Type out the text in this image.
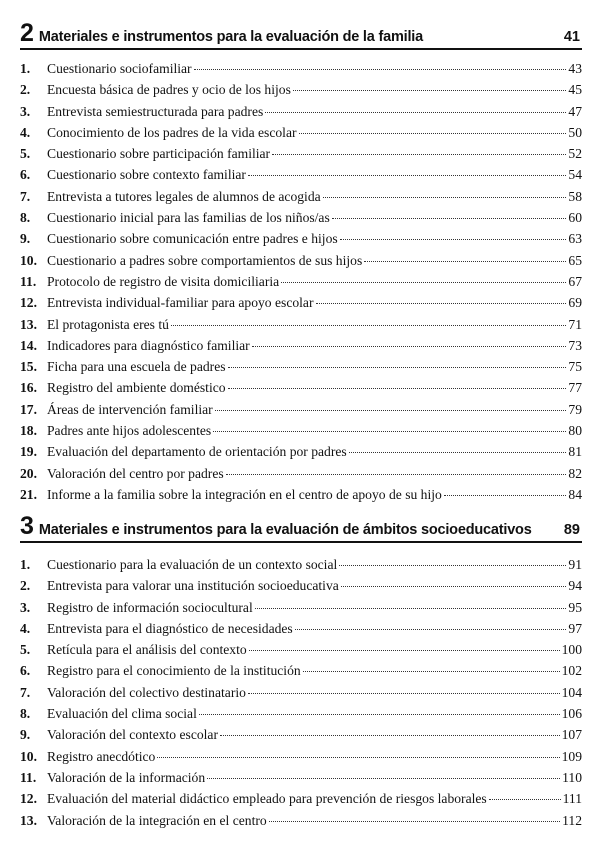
2 Materiales e instrumentos para la evaluación de la familia	41
1.	Cuestionario sociofamiliar	43
2.	Encuesta básica de padres y ocio de los hijos	45
3.	Entrevista semiestructurada para padres	47
4.	Conocimiento de los padres de la vida escolar	50
5.	Cuestionario sobre participación familiar	52
6.	Cuestionario sobre contexto familiar	54
7.	Entrevista a tutores legales de alumnos de acogida	58
8.	Cuestionario inicial para las familias de los niños/as	60
9.	Cuestionario sobre comunicación entre padres e hijos	63
10. Cuestionario a padres sobre comportamientos de sus hijos	65
11. Protocolo de registro de visita domiciliaria	67
12. Entrevista individual-familiar para apoyo escolar	69
13. El protagonista eres tú	71
14. Indicadores para diagnóstico familiar	73
15. Ficha para una escuela de padres	75
16. Registro del ambiente doméstico	77
17. Áreas de intervención familiar	79
18. Padres ante hijos adolescentes	80
19. Evaluación del departamento de orientación por padres	81
20. Valoración del centro por padres	82
21. Informe a la familia sobre la integración en el centro de apoyo de su hijo	84
3 Materiales e instrumentos para la evaluación de ámbitos socioeducativos	89
1.	Cuestionario para la evaluación de un contexto social	91
2.	Entrevista para valorar una institución socioeducativa	94
3.	Registro de información sociocultural	95
4.	Entrevista para el diagnóstico de necesidades	97
5.	Retícula para el análisis del contexto	100
6.	Registro para el conocimiento de la institución	102
7.	Valoración del colectivo destinatario	104
8.	Evaluación del clima social	106
9.	Valoración del contexto escolar	107
10. Registro anecdótico	109
11. Valoración de la información	110
12. Evaluación del material didáctico empleado para prevención de riesgos laborales	111
13. Valoración de la integración en el centro	112
